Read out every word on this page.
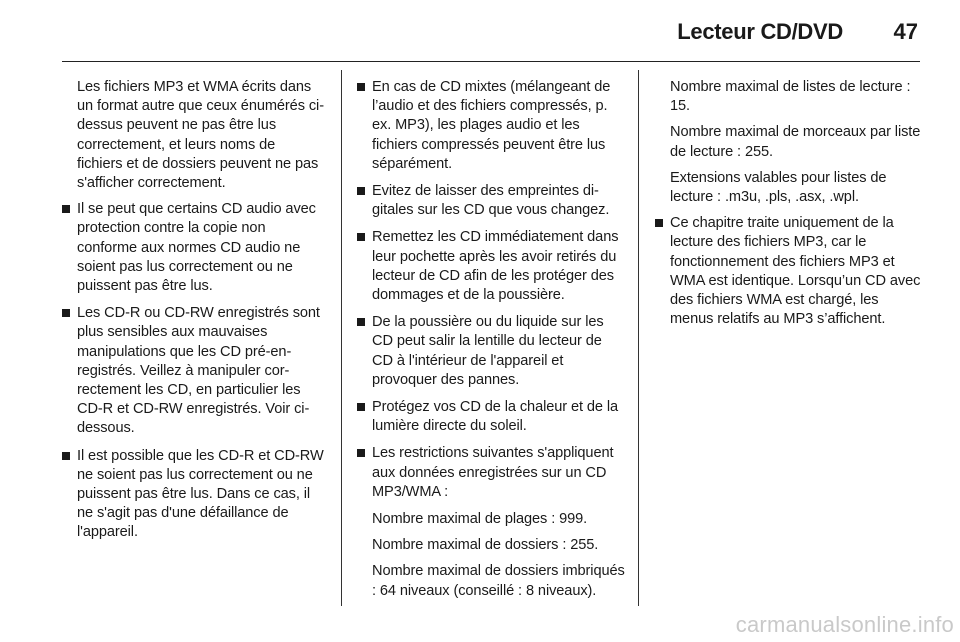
Lecteur CD/DVD 47

Les fichiers MP3 et WMA écrits dans un format autre que ceux énumérés ci-dessus peuvent ne pas être lus correctement, et leurs noms de fichiers et de dossiers peuvent ne pas s'afficher correctement.

Il se peut que certains CD audio avec protection contre la copie non conforme aux normes CD audio ne soient pas lus correctement ou ne puissent pas être lus.
Les CD-R ou CD-RW enregistrés sont plus sensibles aux mauvaises manipulations que les CD pré-enregistrés. Veillez à manipuler correctement les CD, en particulier les CD-R et CD-RW enregistrés. Voir ci-dessous.
Il est possible que les CD-R et CD-RW ne soient pas lus correctement ou ne puissent pas être lus. Dans ce cas, il ne s'agit pas d'une défaillance de l'appareil.
En cas de CD mixtes (mélangeant de l’audio et des fichiers compressés, p. ex. MP3), les plages audio et les fichiers compressés peuvent être lus séparément.
Evitez de laisser des empreintes digitales sur les CD que vous changez.
Remettez les CD immédiatement dans leur pochette après les avoir retirés du lecteur de CD afin de les protéger des dommages et de la poussière.
De la poussière ou du liquide sur les CD peut salir la lentille du lecteur de CD à l'intérieur de l'appareil et provoquer des pannes.
Protégez vos CD de la chaleur et de la lumière directe du soleil.
Les restrictions suivantes s'appliquent aux données enregistrées sur un CD MP3/WMA :

Nombre maximal de plages : 999.

Nombre maximal de dossiers : 255.

Nombre maximal de dossiers imbriqués : 64 niveaux (conseillé : 8 niveaux).

Nombre maximal de listes de lecture : 15.

Nombre maximal de morceaux par liste de lecture : 255.

Extensions valables pour listes de lecture : .m3u, .pls, .asx, .wpl.

Ce chapitre traite uniquement de la lecture des fichiers MP3, car le fonctionnement des fichiers MP3 et WMA est identique. Lorsqu’un CD avec des fichiers WMA est chargé, les menus relatifs au MP3 s’affichent.
carmanualsonline.info
